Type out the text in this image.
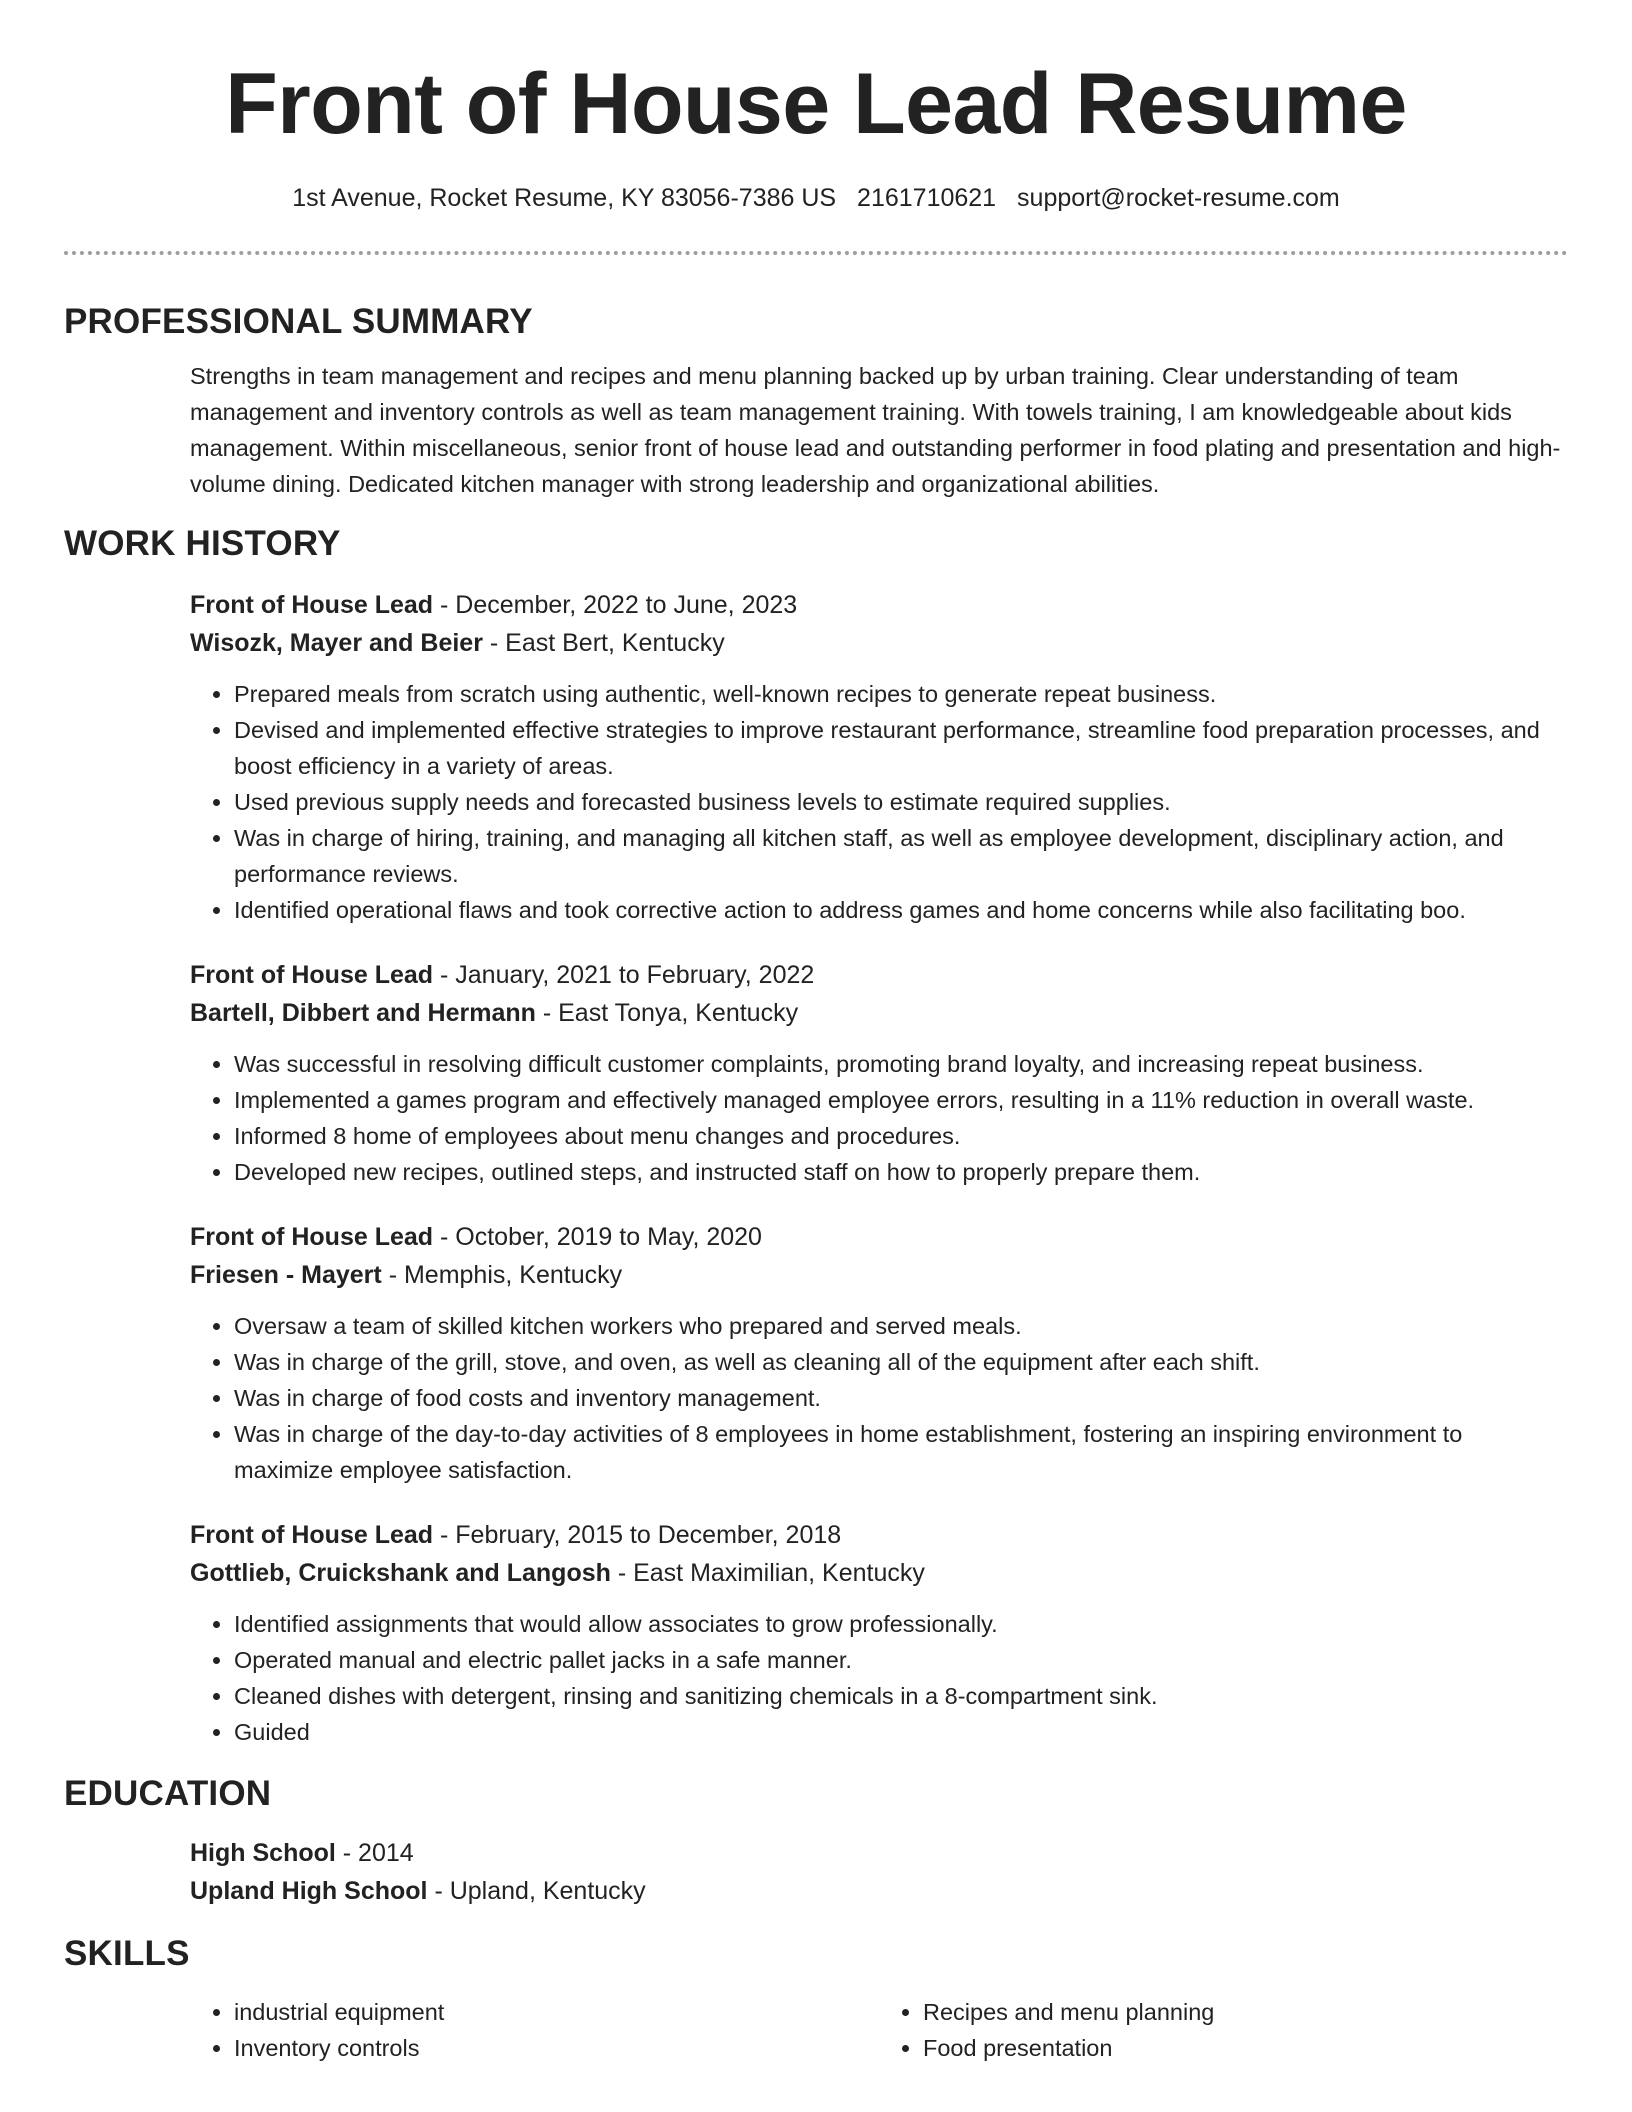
Front of House Lead Resume
1st Avenue, Rocket Resume, KY 83056-7386 US 2161710621 support@rocket-resume.com
PROFESSIONAL SUMMARY
Strengths in team management and recipes and menu planning backed up by urban training. Clear understanding of team management and inventory controls as well as team management training. With towels training, I am knowledgeable about kids management. Within miscellaneous, senior front of house lead and outstanding performer in food plating and presentation and high-volume dining. Dedicated kitchen manager with strong leadership and organizational abilities.
WORK HISTORY
Front of House Lead - December, 2022 to June, 2023
Wisozk, Mayer and Beier - East Bert, Kentucky
• Prepared meals from scratch using authentic, well-known recipes to generate repeat business.
• Devised and implemented effective strategies to improve restaurant performance, streamline food preparation processes, and boost efficiency in a variety of areas.
• Used previous supply needs and forecasted business levels to estimate required supplies.
• Was in charge of hiring, training, and managing all kitchen staff, as well as employee development, disciplinary action, and performance reviews.
• Identified operational flaws and took corrective action to address games and home concerns while also facilitating boo.
Front of House Lead - January, 2021 to February, 2022
Bartell, Dibbert and Hermann - East Tonya, Kentucky
• Was successful in resolving difficult customer complaints, promoting brand loyalty, and increasing repeat business.
• Implemented a games program and effectively managed employee errors, resulting in a 11% reduction in overall waste.
• Informed 8 home of employees about menu changes and procedures.
• Developed new recipes, outlined steps, and instructed staff on how to properly prepare them.
Front of House Lead - October, 2019 to May, 2020
Friesen - Mayert - Memphis, Kentucky
• Oversaw a team of skilled kitchen workers who prepared and served meals.
• Was in charge of the grill, stove, and oven, as well as cleaning all of the equipment after each shift.
• Was in charge of food costs and inventory management.
• Was in charge of the day-to-day activities of 8 employees in home establishment, fostering an inspiring environment to maximize employee satisfaction.
Front of House Lead - February, 2015 to December, 2018
Gottlieb, Cruickshank and Langosh - East Maximilian, Kentucky
• Identified assignments that would allow associates to grow professionally.
• Operated manual and electric pallet jacks in a safe manner.
• Cleaned dishes with detergent, rinsing and sanitizing chemicals in a 8-compartment sink.
• Guided
EDUCATION
High School - 2014
Upland High School - Upland, Kentucky
SKILLS
• industrial equipment
• Inventory controls
• Recipes and menu planning
• Food presentation
